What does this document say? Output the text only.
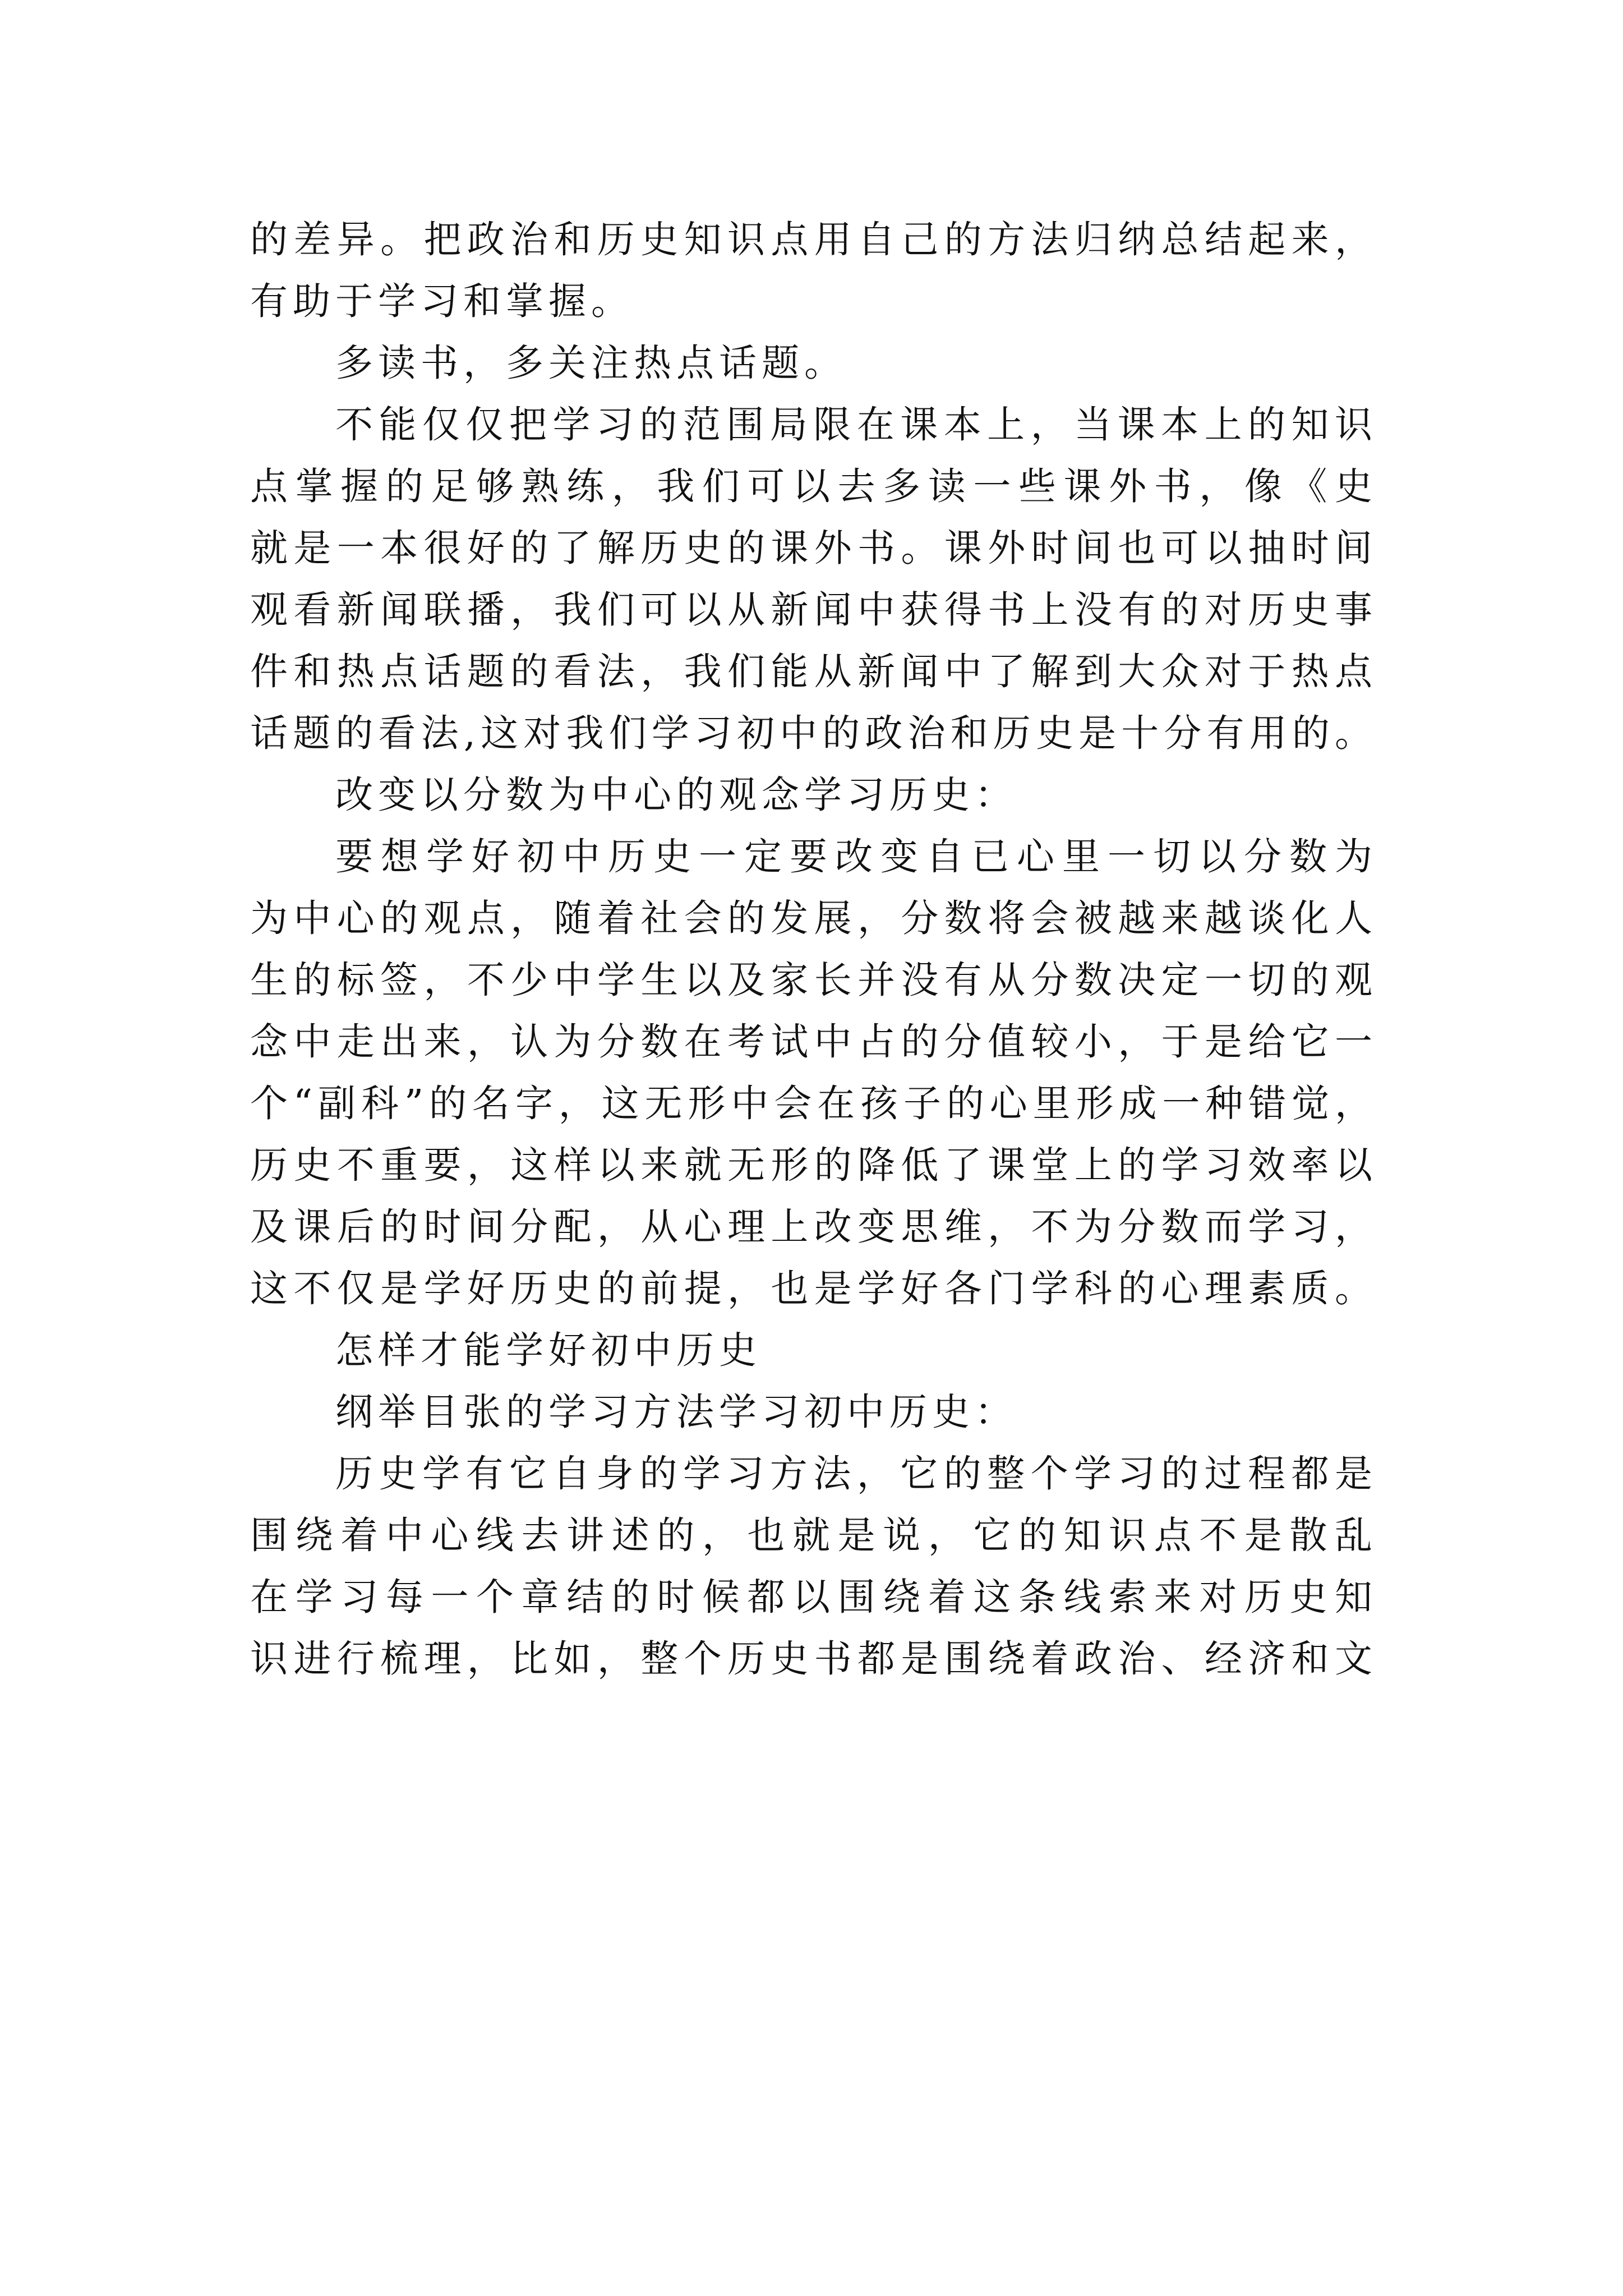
的差异。把政治和历史知识点用自己的方法归纳总结起来，
有助于学习和掌握。
多读书，多关注热点话题。
不能仅仅把学习的范围局限在课本上，当课本上的知识
点掌握的足够熟练，我们可以去多读一些课外书，像《史
就是一本很好的了解历史的课外书。课外时间也可以抽时间
观看新闻联播，我们可以从新闻中获得书上没有的对历史事
件和热点话题的看法，我们能从新闻中了解到大众对于热点
话题的看法,这对我们学习初中的政治和历史是十分有用的。
改变以分数为中心的观念学习历史：
要想学好初中历史一定要改变自已心里一切以分数为
为中心的观点，随着社会的发展，分数将会被越来越谈化人
生的标签，不少中学生以及家长并没有从分数决定一切的观
念中走出来，认为分数在考试中占的分值较小，于是给它一
个“副科”的名字，这无形中会在孩子的心里形成一种错觉，
历史不重要，这样以来就无形的降低了课堂上的学习效率以
及课后的时间分配，从心理上改变思维，不为分数而学习，
这不仅是学好历史的前提，也是学好各门学科的心理素质。
怎样才能学好初中历史
纲举目张的学习方法学习初中历史：
历史学有它自身的学习方法，它的整个学习的过程都是
围绕着中心线去讲述的，也就是说，它的知识点不是散乱
在学习每一个章结的时候都以围绕着这条线索来对历史知
识进行梳理，比如，整个历史书都是围绕着政治、经济和文
